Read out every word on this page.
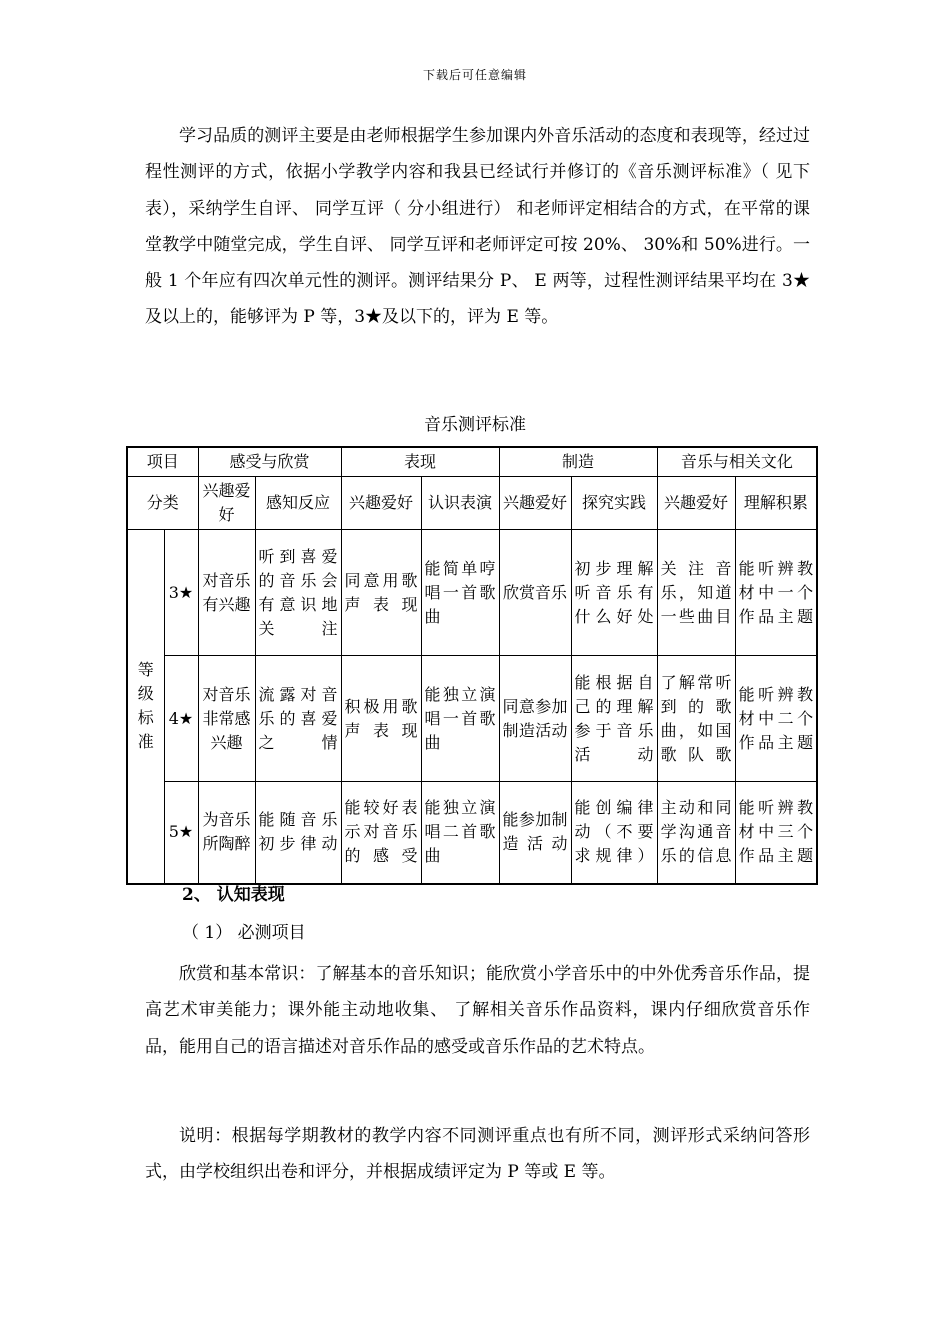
下载后可任意编辑

学习品质的测评主要是由老师根据学生参加课内外音乐活动的态度和表现等，经过过程性测评的方式，依据小学教学内容和我县已经试行并修订的《音乐测评标准》（ 见下表），采纳学生自评、 同学互评（ 分小组进行） 和老师评定相结合的方式，在平常的课堂教学中随堂完成，学生自评、 同学互评和老师评定可按 20%、 30%和 50%进行。一般 1 个年应有四次单元性的测评。测评结果分 P、 E 两等，过程性测评结果平均在 3★及以上的，能够评为 P 等，3★及以下的，评为 E 等。

音乐测评标准
项目		感受与欣赏		表现		制造		音乐与相关文化	
分类		兴趣爱好	感知反应	兴趣爱好	认识表演	兴趣爱好	探究实践	兴趣爱好	理解积累
等级标准	3★	对音乐有兴趣	听到喜爱的音乐会有意识地关注	同意用歌声表现	能简单哼唱一首歌曲	欣赏音乐	初步理解听音乐有什么好处	关注音乐，知道一些曲目	能听辨教材中一个作品主题
	4★	对音乐非常感兴趣	流露对音乐的喜爱之情	积极用歌声表现	能独立演唱一首歌曲	同意参加制造活动	能根据自己的理解参于音乐活动	了解常听到的歌曲，如国歌队歌	能听辨教材中二个作品主题
	5★	为音乐所陶醉	能随音乐初步律动	能较好表示对音乐的感受	能独立演唱二首歌曲	能参加制造活动	能创编律动（不要求规律）	主动和同学沟通音乐的信息	能听辨教材中三个作品主题
2、 认知表现
（ 1） 必测项目

欣赏和基本常识：了解基本的音乐知识；能欣赏小学音乐中的中外优秀音乐作品，提高艺术审美能力；课外能主动地收集、 了解相关音乐作品资料，课内仔细欣赏音乐作品，能用自己的语言描述对音乐作品的感受或音乐作品的艺术特点。

说明：根据每学期教材的教学内容不同测评重点也有所不同，测评形式采纳问答形式，由学校组织出卷和评分，并根据成绩评定为 P 等或 E 等。
